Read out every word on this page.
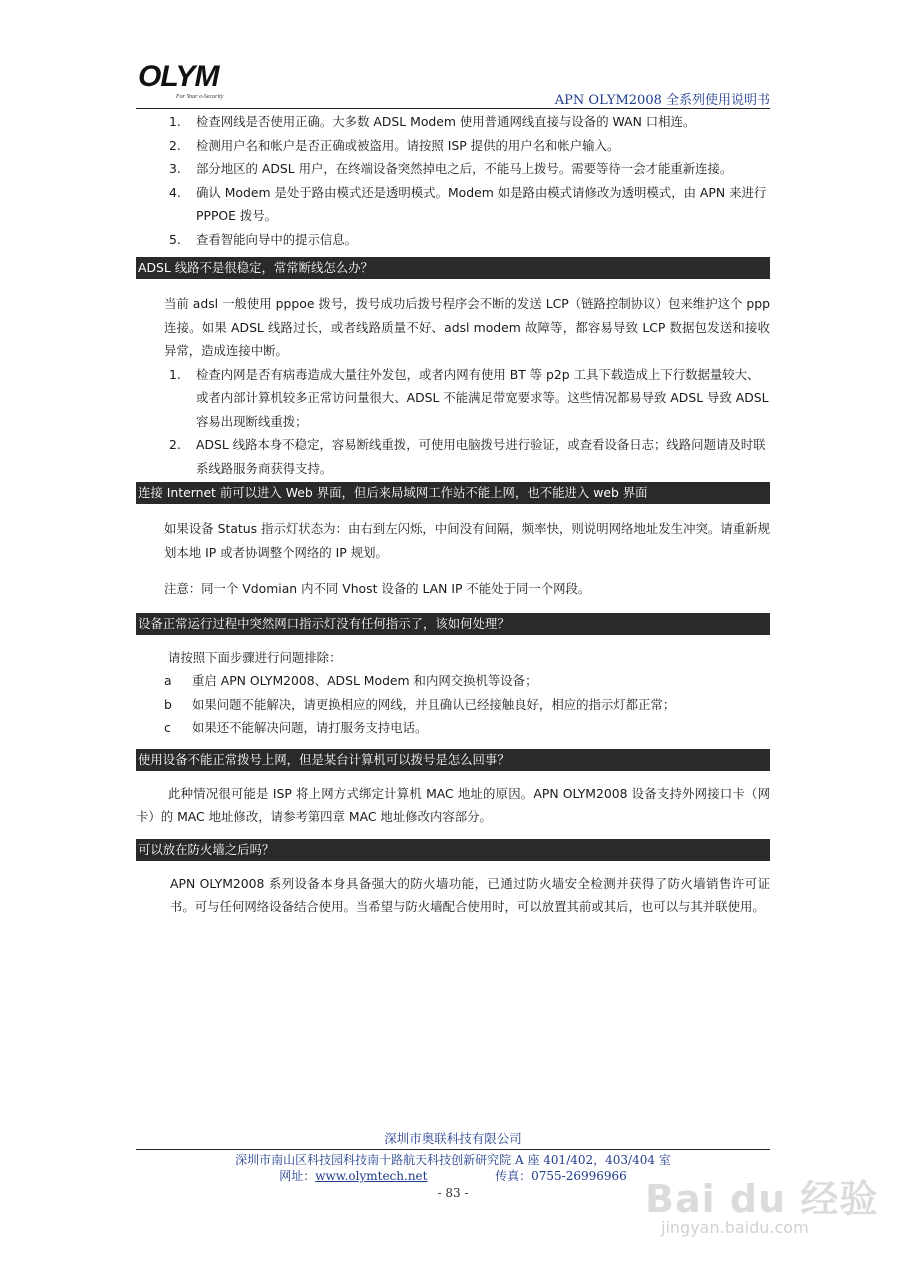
OLYM
For Your e-Security	APN OLYM2008 全系列使用说明书
1. 检查网线是否使用正确。大多数 ADSL Modem 使用普通网线直接与设备的 WAN 口相连。
2. 检测用户名和帐户是否正确或被盗用。请按照 ISP 提供的用户名和帐户输入。
3. 部分地区的 ADSL 用户，在终端设备突然掉电之后，不能马上拨号。需要等待一会才能重新连接。
4. 确认 Modem 是处于路由模式还是透明模式。Modem 如是路由模式请修改为透明模式，由 APN 来进行 PPPOE 拨号。
5. 查看智能向导中的提示信息。
ADSL 线路不是很稳定，常常断线怎么办？
当前 adsl 一般使用 pppoe 拨号，拨号成功后拨号程序会不断的发送 LCP（链路控制协议）包来维护这个 ppp 连接。如果 ADSL 线路过长，或者线路质量不好、adsl modem 故障等，都容易导致 LCP 数据包发送和接收异常，造成连接中断。
1. 检查内网是否有病毒造成大量往外发包，或者内网有使用 BT 等 p2p 工具下载造成上下行数据量较大、或者内部计算机较多正常访问量很大、ADSL 不能满足带宽要求等。这些情况都易导致 ADSL 导致 ADSL 容易出现断线重拨；
2. ADSL 线路本身不稳定，容易断线重拨，可使用电脑拨号进行验证，或查看设备日志；线路问题请及时联系线路服务商获得支持。
连接 Internet 前可以进入 Web 界面，但后来局域网工作站不能上网，也不能进入 web 界面
如果设备 Status 指示灯状态为：由右到左闪烁，中间没有间隔，频率快，则说明网络地址发生冲突。请重新规划本地 IP 或者协调整个网络的 IP 规划。
注意：同一个 Vdomian 内不同 Vhost 设备的 LAN IP 不能处于同一个网段。
设备正常运行过程中突然网口指示灯没有任何指示了，该如何处理？
请按照下面步骤进行问题排除：
a 重启 APN OLYM2008、ADSL Modem 和内网交换机等设备；
b 如果问题不能解决，请更换相应的网线，并且确认已经接触良好，相应的指示灯都正常；
c 如果还不能解决问题，请打服务支持电话。
使用设备不能正常拨号上网，但是某台计算机可以拨号是怎么回事？
此种情况很可能是 ISP 将上网方式绑定计算机 MAC 地址的原因。APN OLYM2008 设备支持外网接口卡（网卡）的 MAC 地址修改，请参考第四章 MAC 地址修改内容部分。
可以放在防火墙之后吗？
APN OLYM2008 系列设备本身具备强大的防火墙功能，已通过防火墙安全检测并获得了防火墙销售许可证书。可与任何网络设备结合使用。当希望与防火墙配合使用时，可以放置其前或其后，也可以与其并联使用。
深圳市奥联科技有限公司
深圳市南山区科技园科技南十路航天科技创新研究院 A 座 401/402，403/404 室
网址：www.olymtech.net	传真：0755-26996966
- 83 -	Bai du 经验
jingyan.baidu.com
